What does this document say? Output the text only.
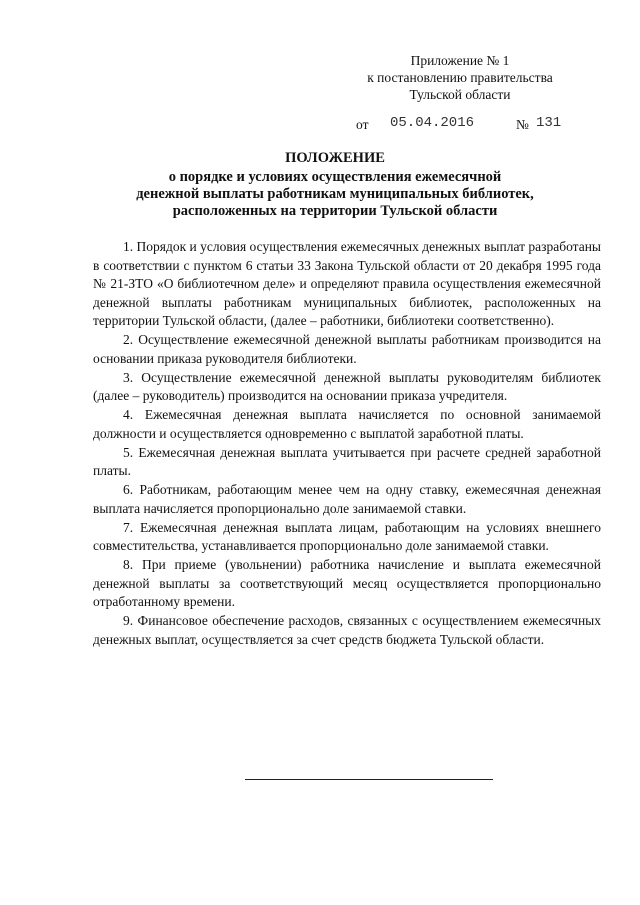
Приложение № 1
к постановлению правительства
Тульской области
от 05.04.2016	№ 131
ПОЛОЖЕНИЕ
о порядке и условиях осуществления ежемесячной
денежной выплаты работникам муниципальных библиотек,
расположенных на территории Тульской области

1. Порядок и условия осуществления ежемесячных денежных выплат разработаны в соответствии с пунктом 6 статьи 33 Закона Тульской области от 20 декабря 1995 года № 21-ЗТО «О библиотечном деле» и определяют правила осуществления ежемесячной денежной выплаты работникам муниципальных библиотек, расположенных на территории Тульской области, (далее – работники, библиотеки соответственно).

2. Осуществление ежемесячной денежной выплаты работникам производится на основании приказа руководителя библиотеки.

3. Осуществление ежемесячной денежной выплаты руководителям библиотек (далее – руководитель) производится на основании приказа учредителя.

4. Ежемесячная денежная выплата начисляется по основной занимаемой должности и осуществляется одновременно с выплатой заработной платы.

5. Ежемесячная денежная выплата учитывается при расчете средней заработной платы.

6. Работникам, работающим менее чем на одну ставку, ежемесячная денежная выплата начисляется пропорционально доле занимаемой ставки.

7. Ежемесячная денежная выплата лицам, работающим на условиях внешнего совместительства, устанавливается пропорционально доле занимаемой ставки.

8. При приеме (увольнении) работника начисление и выплата ежемесячной денежной выплаты за соответствующий месяц осуществляется пропорционально отработанному времени.

9. Финансовое обеспечение расходов, связанных с осуществлением ежемесячных денежных выплат, осуществляется за счет средств бюджета Тульской области.
